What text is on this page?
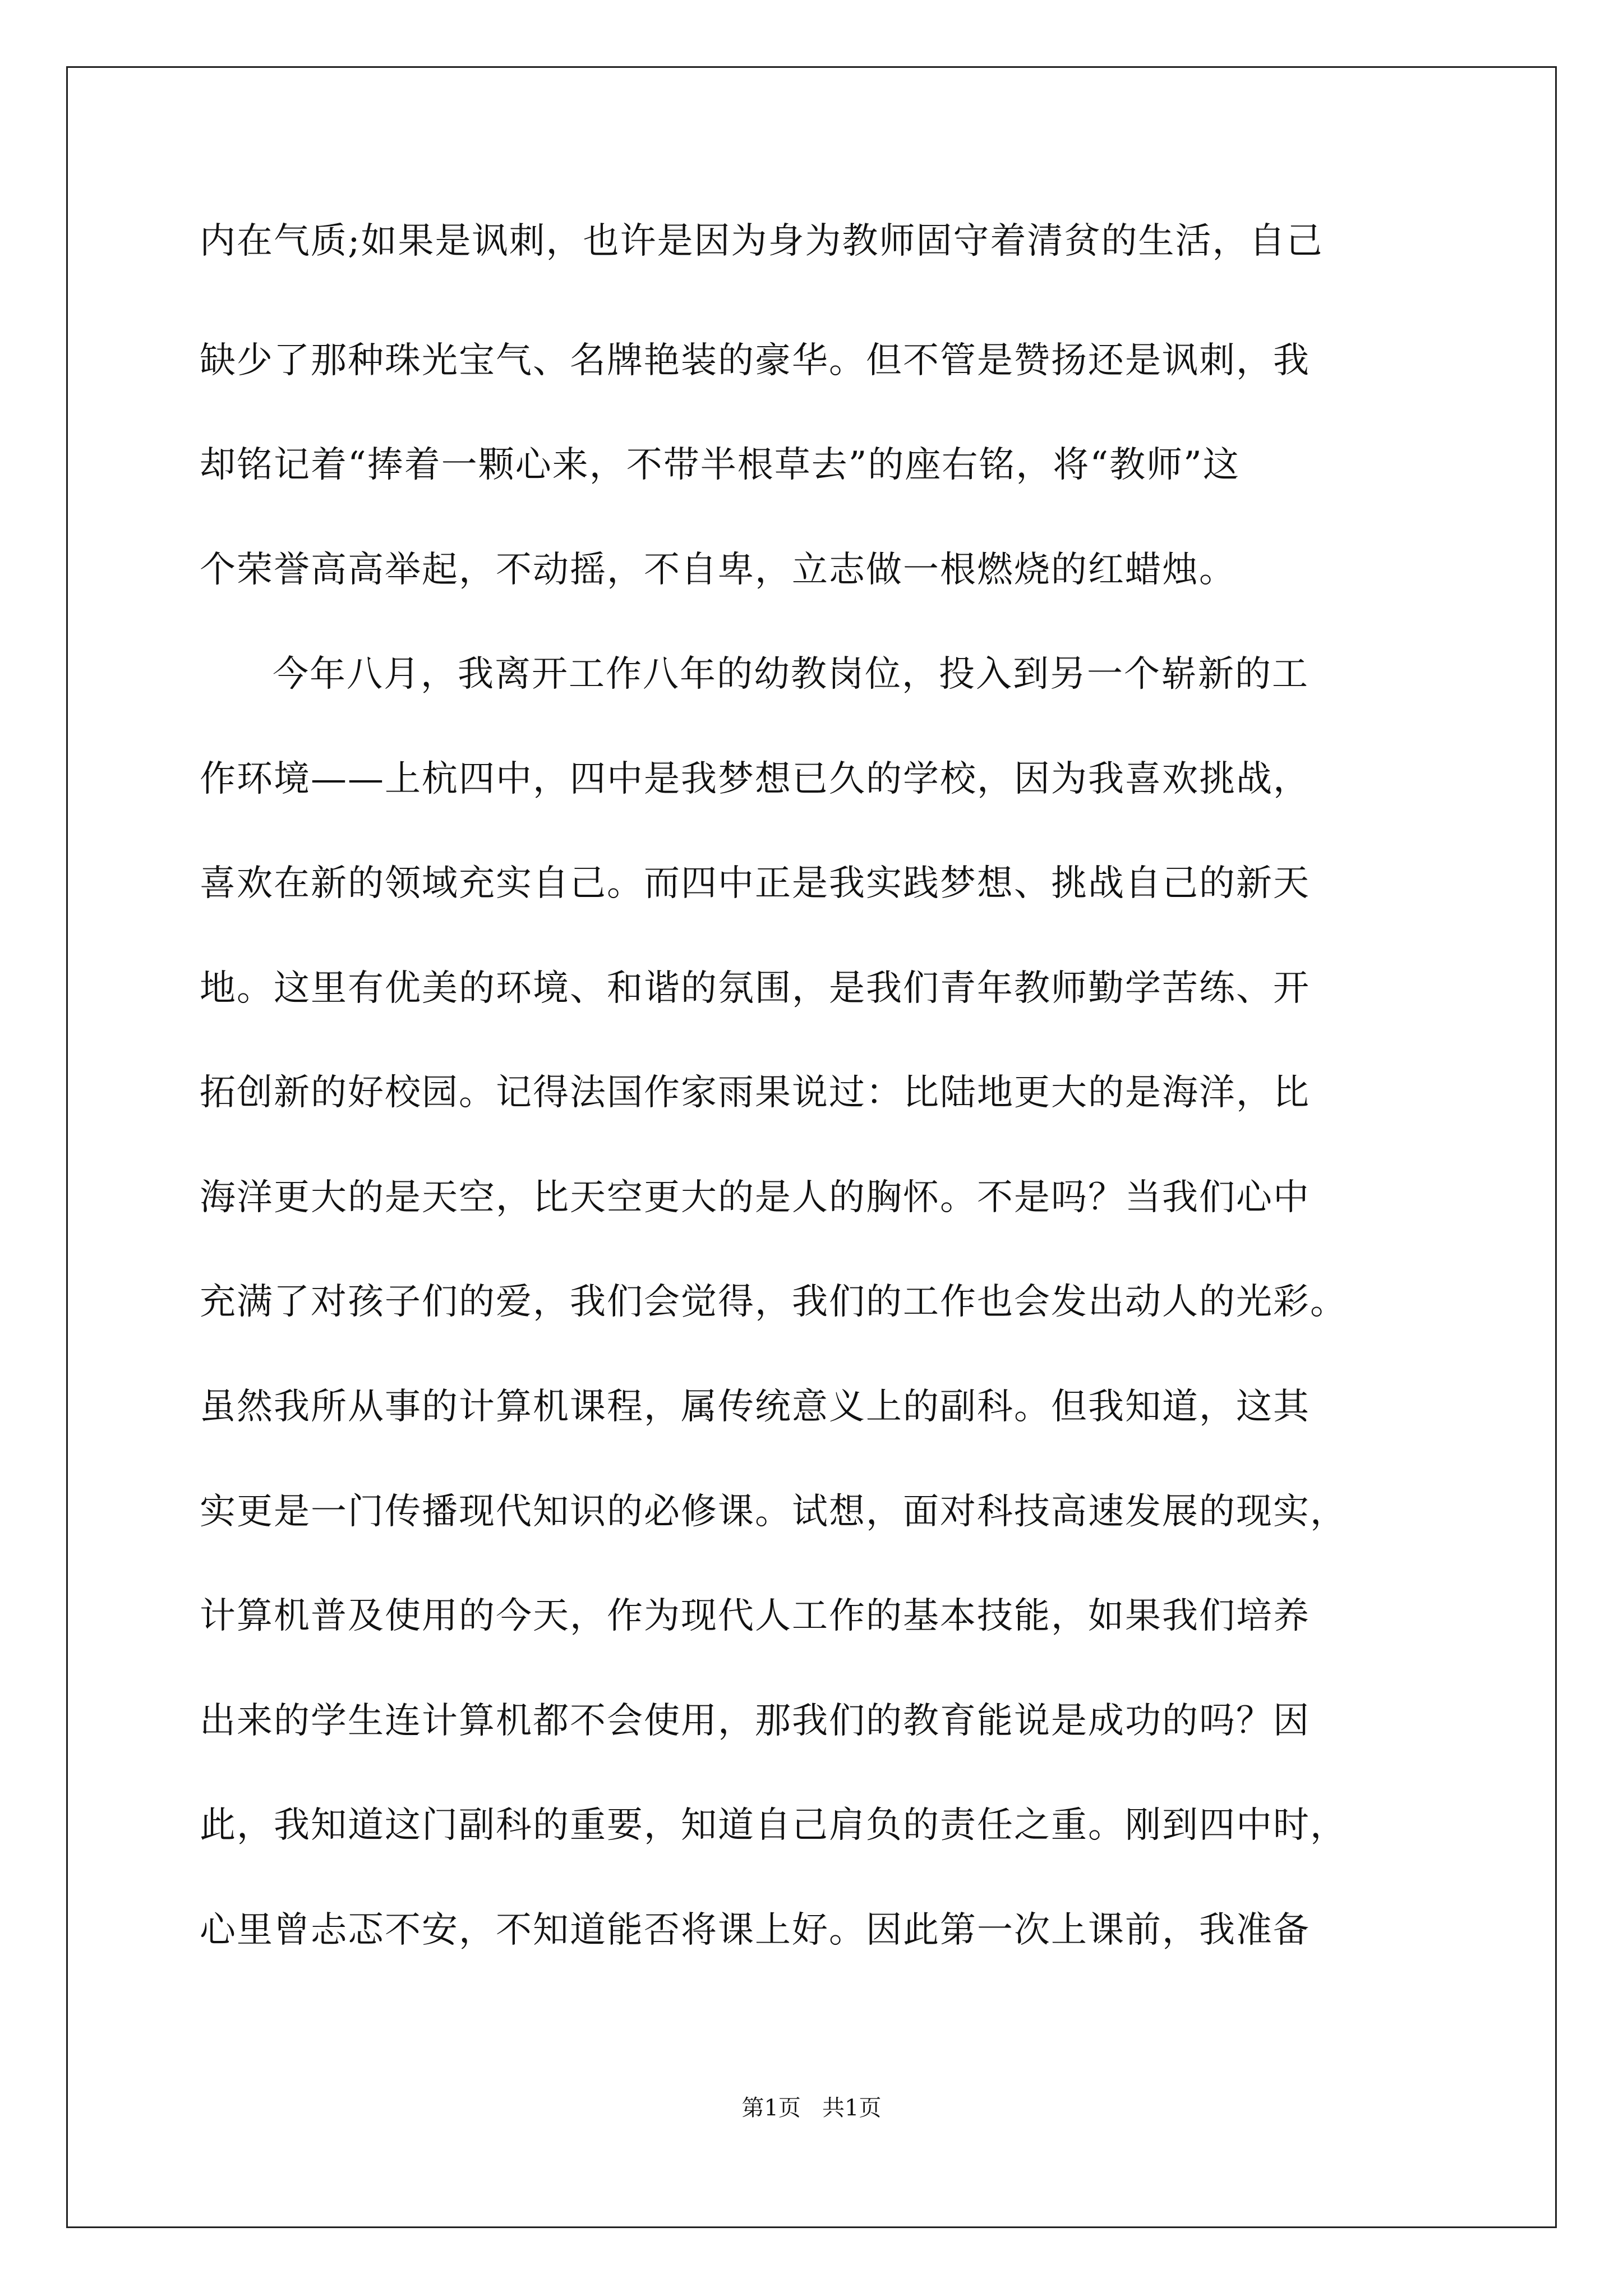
内在气质;如果是讽刺，也许是因为身为教师固守着清贫的生活，自己

缺少了那种珠光宝气、名牌艳装的豪华。但不管是赞扬还是讽刺，我

却铭记着“捧着一颗心来，不带半根草去”的座右铭，将“教师”这

个荣誉高高举起，不动摇，不自卑，立志做一根燃烧的红蜡烛。

今年八月，我离开工作八年的幼教岗位，投入到另一个崭新的工

作环境——上杭四中，四中是我梦想已久的学校，因为我喜欢挑战，

喜欢在新的领域充实自己。而四中正是我实践梦想、挑战自己的新天

地。这里有优美的环境、和谐的氛围，是我们青年教师勤学苦练、开

拓创新的好校园。记得法国作家雨果说过：比陆地更大的是海洋，比

海洋更大的是天空，比天空更大的是人的胸怀。不是吗？当我们心中

充满了对孩子们的爱，我们会觉得，我们的工作也会发出动人的光彩。

虽然我所从事的计算机课程，属传统意义上的副科。但我知道，这其

实更是一门传播现代知识的必修课。试想，面对科技高速发展的现实，

计算机普及使用的今天，作为现代人工作的基本技能，如果我们培养

出来的学生连计算机都不会使用，那我们的教育能说是成功的吗？因

此，我知道这门副科的重要，知道自己肩负的责任之重。刚到四中时，

心里曾忐忑不安，不知道能否将课上好。因此第一次上课前，我准备

第1页   共1页
